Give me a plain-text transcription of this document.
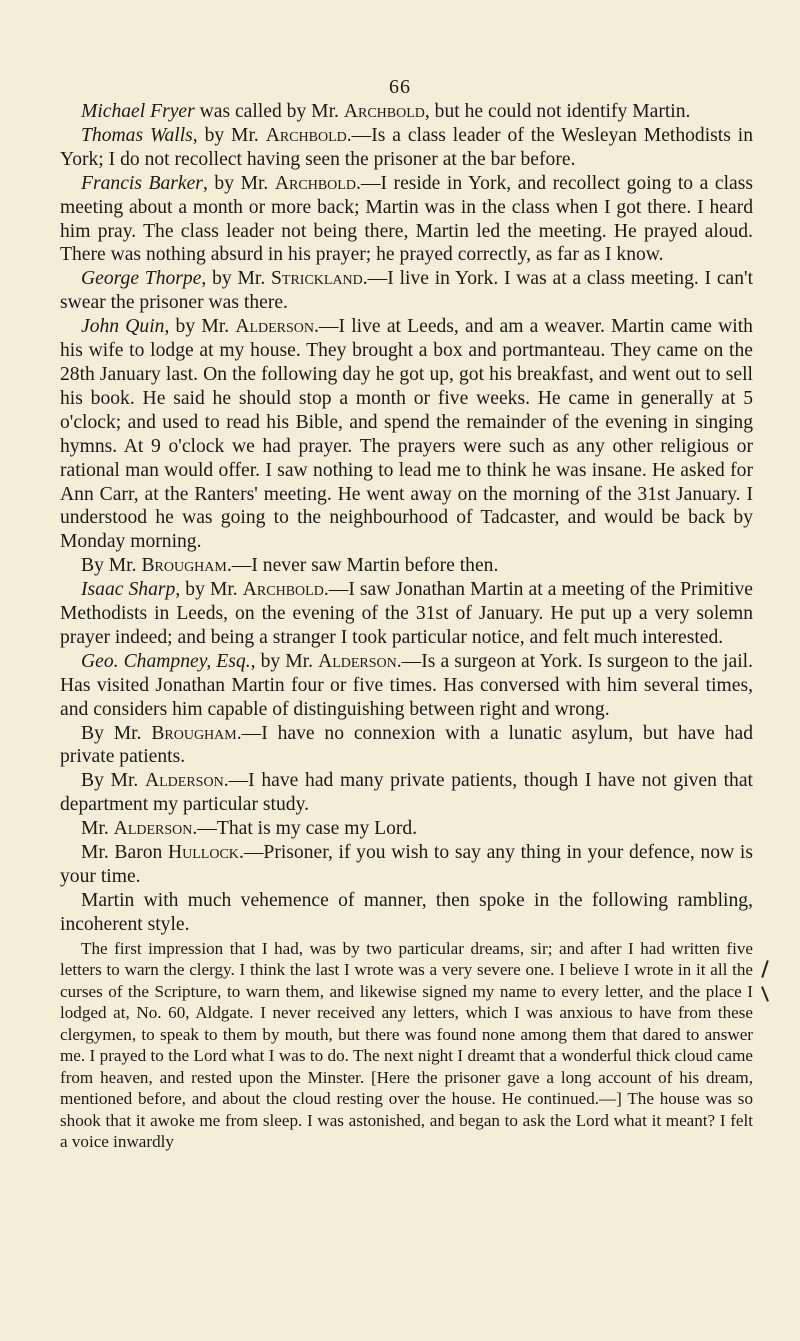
66

Michael Fryer was called by Mr. Archbold, but he could not identify Martin.

Thomas Walls, by Mr. Archbold.—Is a class leader of the Wesleyan Methodists in York; I do not recollect having seen the prisoner at the bar before.

Francis Barker, by Mr. Archbold.—I reside in York, and recollect going to a class meeting about a month or more back; Martin was in the class when I got there. I heard him pray. The class leader not being there, Martin led the meeting. He prayed aloud. There was nothing absurd in his prayer; he prayed correctly, as far as I know.

George Thorpe, by Mr. Strickland.—I live in York. I was at a class meeting. I can't swear the prisoner was there.

John Quin, by Mr. Alderson.—I live at Leeds, and am a weaver. Martin came with his wife to lodge at my house. They brought a box and portmanteau. They came on the 28th January last. On the following day he got up, got his breakfast, and went out to sell his book. He said he should stop a month or five weeks. He came in generally at 5 o'clock; and used to read his Bible, and spend the remainder of the evening in singing hymns. At 9 o'clock we had prayer. The prayers were such as any other religious or rational man would offer. I saw nothing to lead me to think he was insane. He asked for Ann Carr, at the Ranters' meeting. He went away on the morning of the 31st January. I understood he was going to the neighbourhood of Tadcaster, and would be back by Monday morning.

By Mr. Brougham.—I never saw Martin before then.

Isaac Sharp, by Mr. Archbold.—I saw Jonathan Martin at a meeting of the Primitive Methodists in Leeds, on the evening of the 31st of January. He put up a very solemn prayer indeed; and being a stranger I took particular notice, and felt much interested.

Geo. Champney, Esq., by Mr. Alderson.—Is a surgeon at York. Is surgeon to the jail. Has visited Jonathan Martin four or five times. Has conversed with him several times, and considers him capable of distinguishing between right and wrong.

By Mr. Brougham.—I have no connexion with a lunatic asylum, but have had private patients.

By Mr. Alderson.—I have had many private patients, though I have not given that department my particular study.

Mr. Alderson.—That is my case my Lord.

Mr. Baron Hullock.—Prisoner, if you wish to say any thing in your defence, now is your time.

Martin with much vehemence of manner, then spoke in the following rambling, incoherent style.

The first impression that I had, was by two particular dreams, sir; and after I had written five letters to warn the clergy. I think the last I wrote was a very severe one. I believe I wrote in it all the curses of the Scripture, to warn them, and likewise signed my name to every letter, and the place I lodged at, No. 60, Aldgate. I never received any letters, which I was anxious to have from these clergymen, to speak to them by mouth, but there was found none among them that dared to answer me. I prayed to the Lord what I was to do. The next night I dreamt that a wonderful thick cloud came from heaven, and rested upon the Minster. [Here the prisoner gave a long account of his dream, mentioned before, and about the cloud resting over the house. He continued.—] The house was so shook that it awoke me from sleep. I was astonished, and began to ask the Lord what it meant? I felt a voice inwardly
